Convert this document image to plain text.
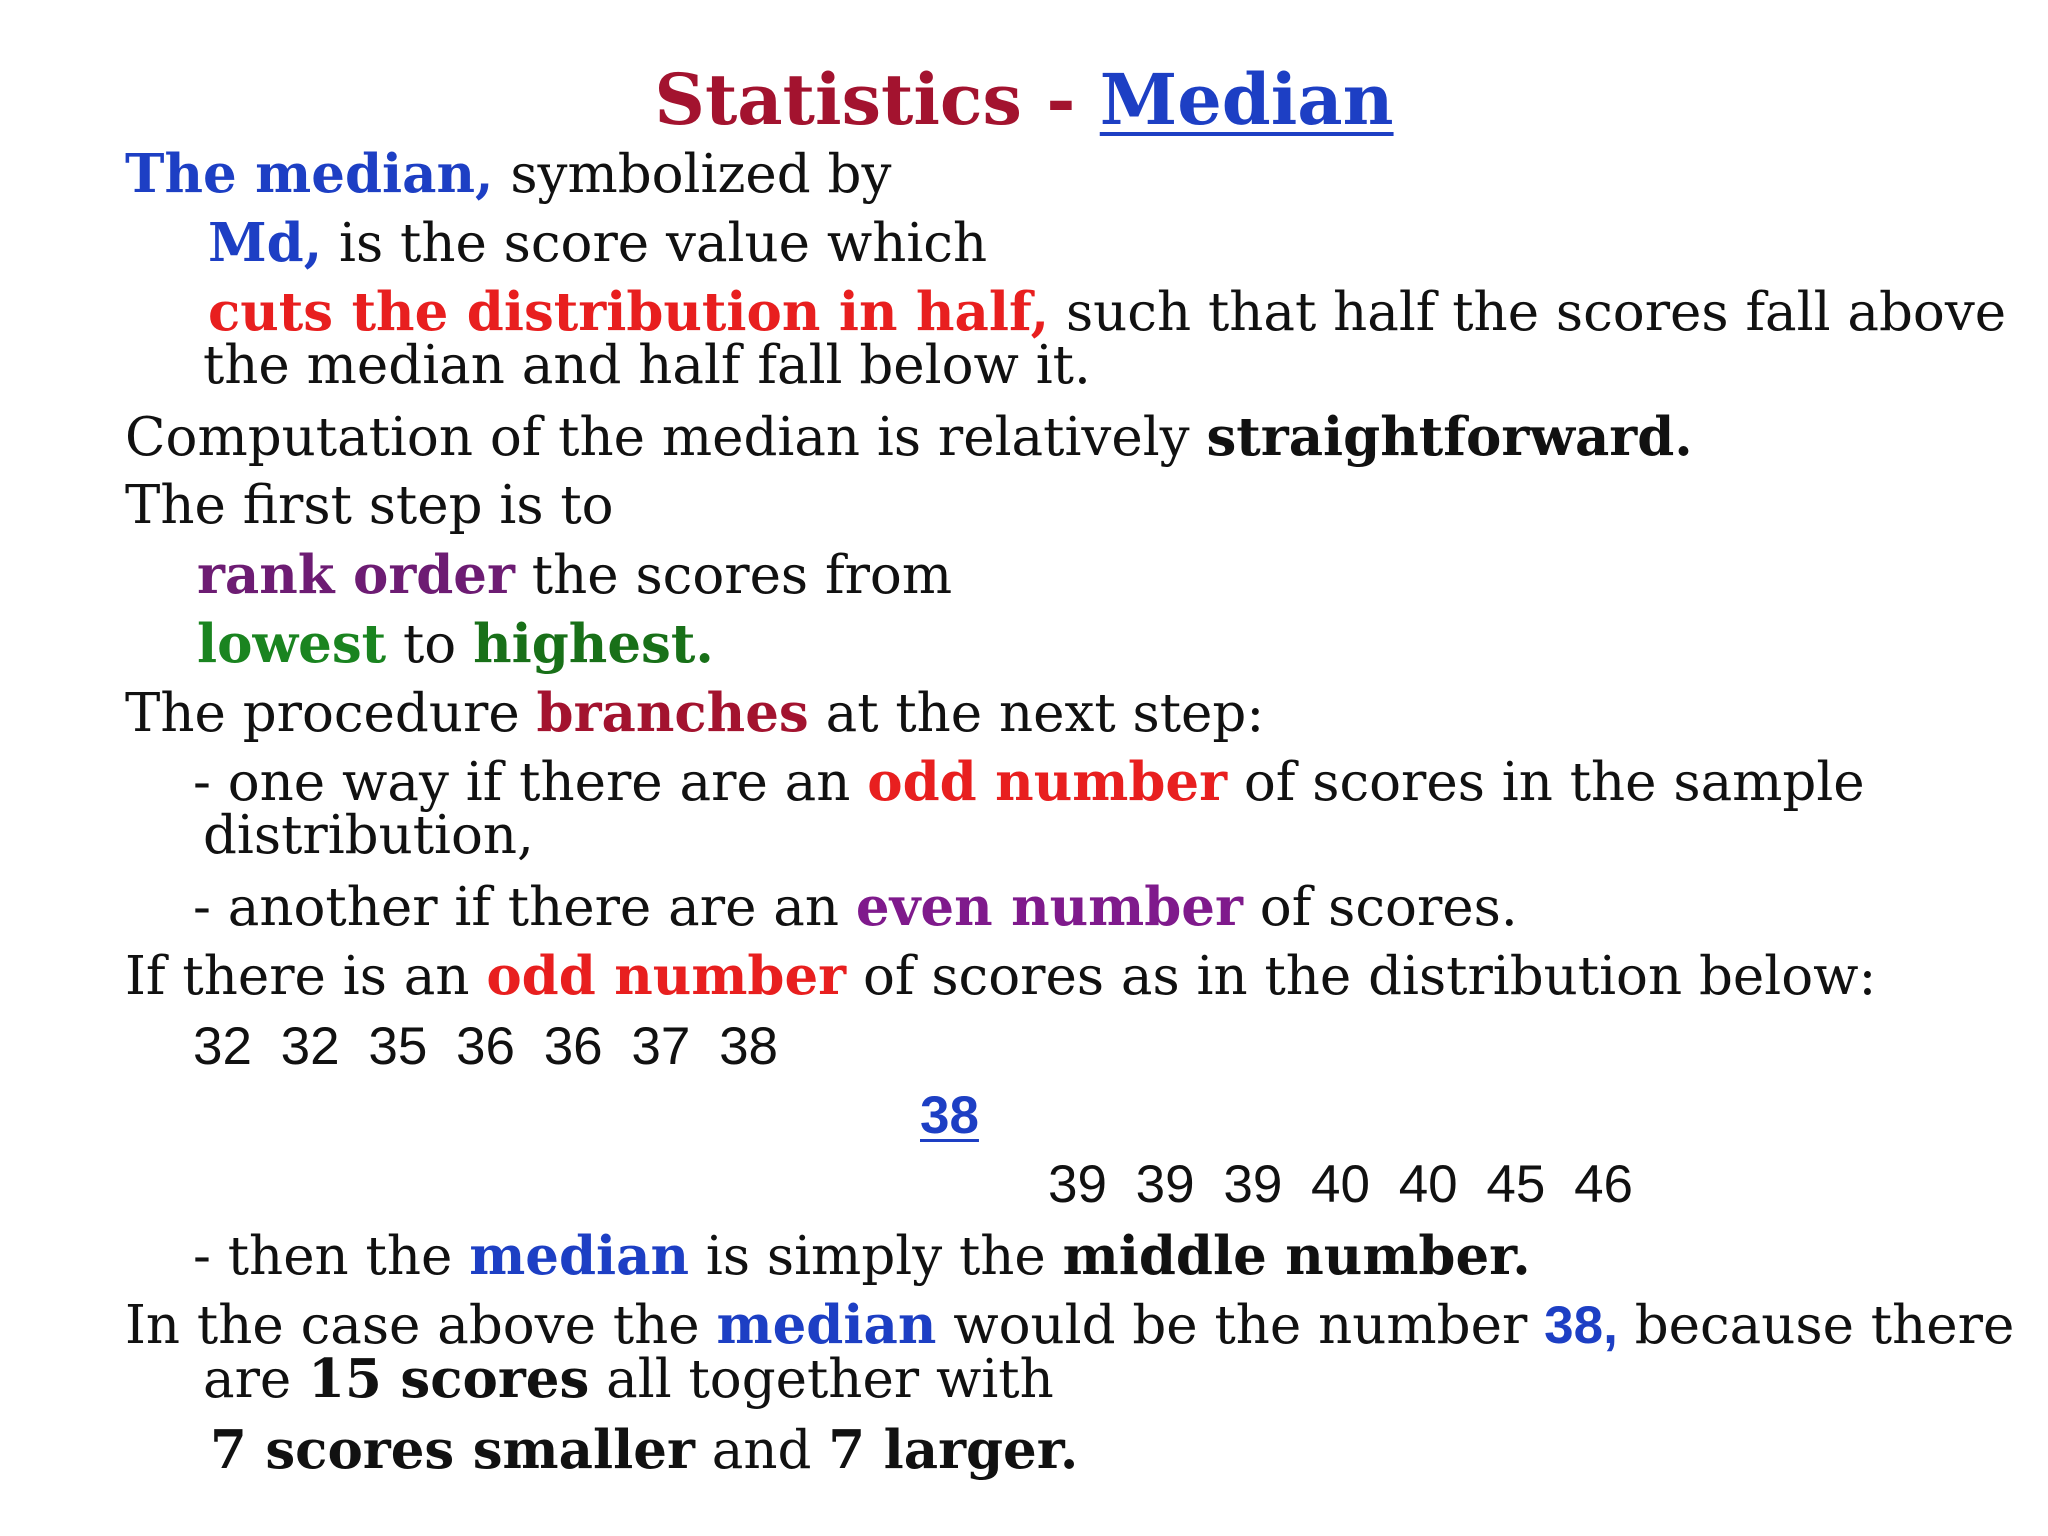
Statistics - Median
The median, symbolized by
Md, is the score value which
cuts the distribution in half, such that half the scores fall above
the median and half fall below it.
Computation of the median is relatively straightforward.
The first step is to
rank order the scores from
lowest to highest.
The procedure branches at the next step:
- one way if there are an odd number of scores in the sample
distribution,
- another if there are an even number of scores.
If there is an odd number of scores as in the distribution below:
32 32 35 36 36 37 38
38
39 39 39 40 40 45 46
- then the median is simply the middle number.
In the case above the median would be the number 38, because there
are 15 scores all together with
7 scores smaller and 7 larger.
